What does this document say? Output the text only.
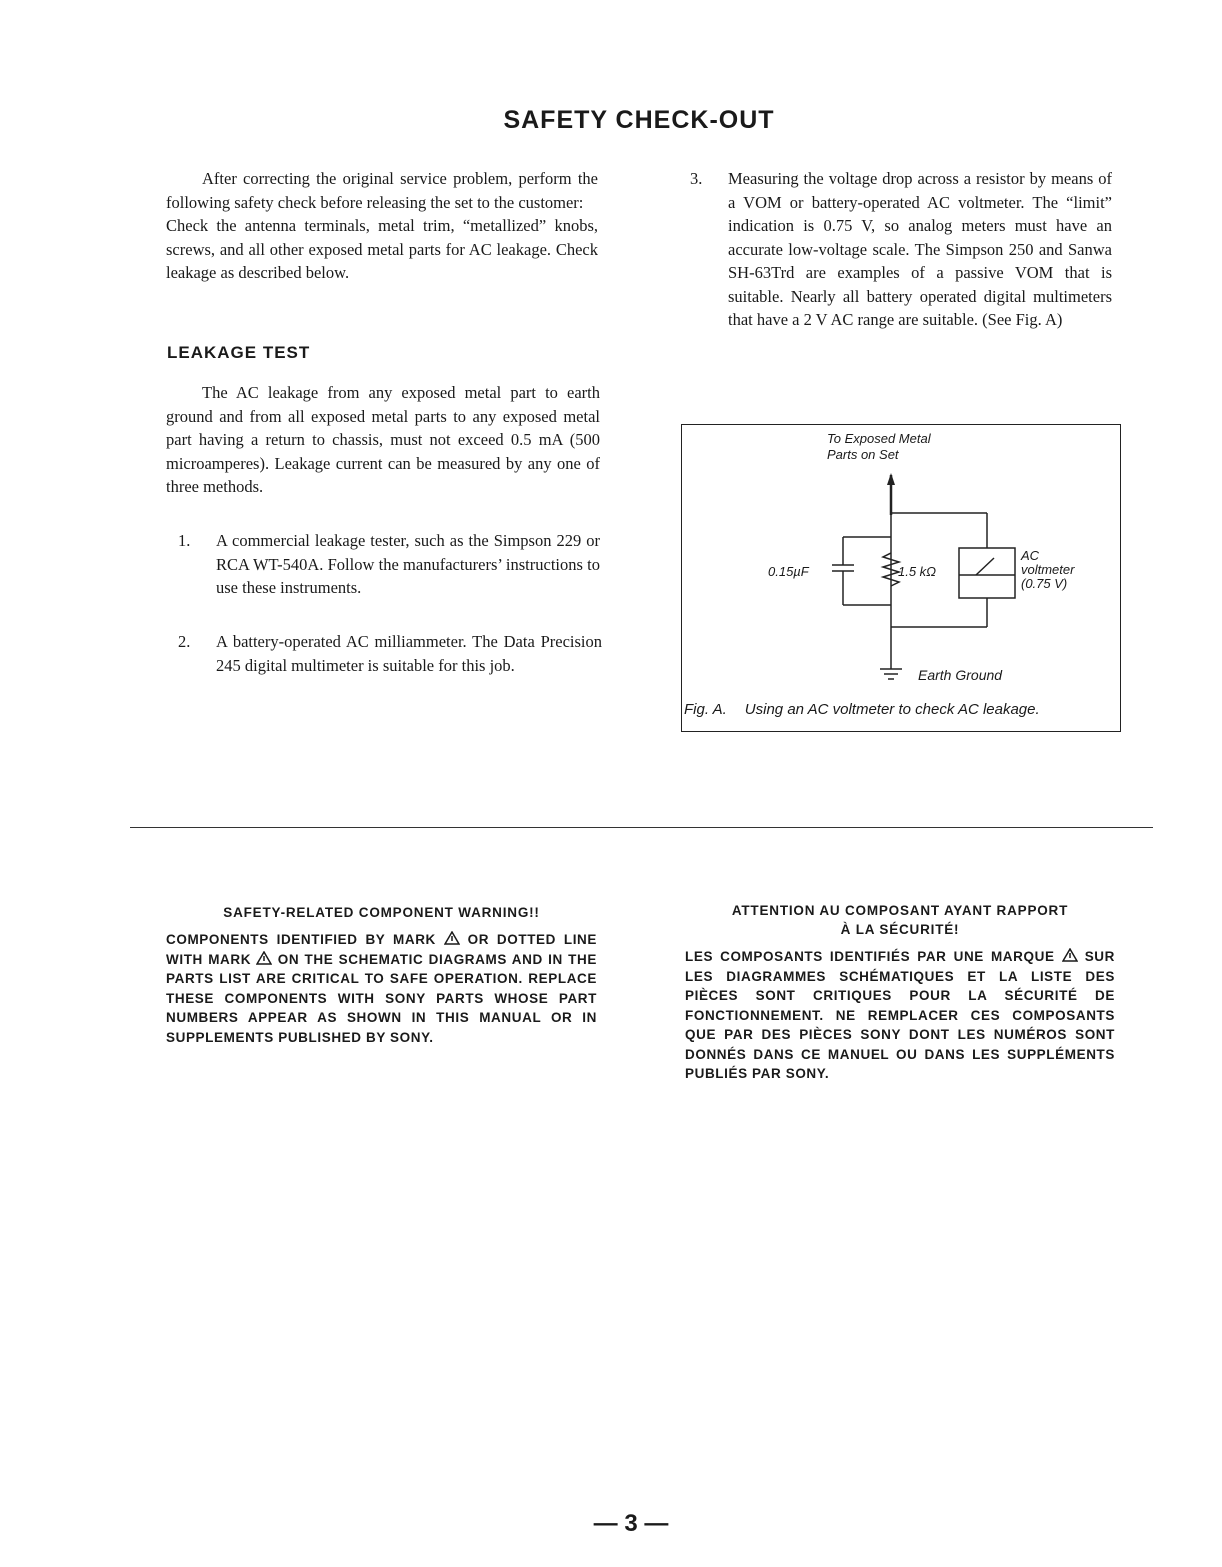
SAFETY CHECK-OUT

After correcting the original service problem, perform the following safety check before releasing the set to the customer:

Check the antenna terminals, metal trim, “metallized” knobs, screws, and all other exposed metal parts for AC leakage. Check leakage as described below.

LEAKAGE TEST

The AC leakage from any exposed metal part to earth ground and from all exposed metal parts to any exposed metal part having a return to chassis, must not exceed 0.5 mA (500 microamperes). Leakage current can be measured by any one of three methods.

1. A commercial leakage tester, such as the Simpson 229 or RCA WT-540A. Follow the manufacturers’ instructions to use these instruments.
2. A battery-operated AC milliammeter. The Data Precision 245 digital multimeter is suitable for this job.
3. Measuring the voltage drop across a resistor by means of a VOM or battery-operated AC voltmeter. The “limit” indication is 0.75 V, so analog meters must have an accurate low-voltage scale. The Simpson 250 and Sanwa SH-63Trd are examples of a passive VOM that is suitable. Nearly all battery operated digital multimeters that have a 2 V AC range are suitable. (See Fig. A)
To Exposed Metal
Parts on Set
0.15µF	1.5 kΩ
AC
voltmeter
(0.75 V)
Earth Ground
Fig. A. Using an AC voltmeter to check AC leakage.

SAFETY-RELATED COMPONENT WARNING!!

COMPONENTS IDENTIFIED BY MARK OR DOTTED LINE WITH MARK ON THE SCHEMATIC DIAGRAMS AND IN THE PARTS LIST ARE CRITICAL TO SAFE OPERATION. REPLACE THESE COMPONENTS WITH SONY PARTS WHOSE PART NUMBERS APPEAR AS SHOWN IN THIS MANUAL OR IN SUPPLEMENTS PUBLISHED BY SONY.

ATTENTION AU COMPOSANT AYANT RAPPORT
À LA SÉCURITÉ!

LES COMPOSANTS IDENTIFIÉS PAR UNE MARQUE SUR LES DIAGRAMMES SCHÉMATIQUES ET LA LISTE DES PIÈCES SONT CRITIQUES POUR LA SÉCURITÉ DE FONCTIONNEMENT. NE REMPLACER CES COMPOSANTS QUE PAR DES PIÈCES SONY DONT LES NUMÉROS SONT DONNÉS DANS CE MANUEL OU DANS LES SUPPLÉMENTS PUBLIÉS PAR SONY.

— 3 —
